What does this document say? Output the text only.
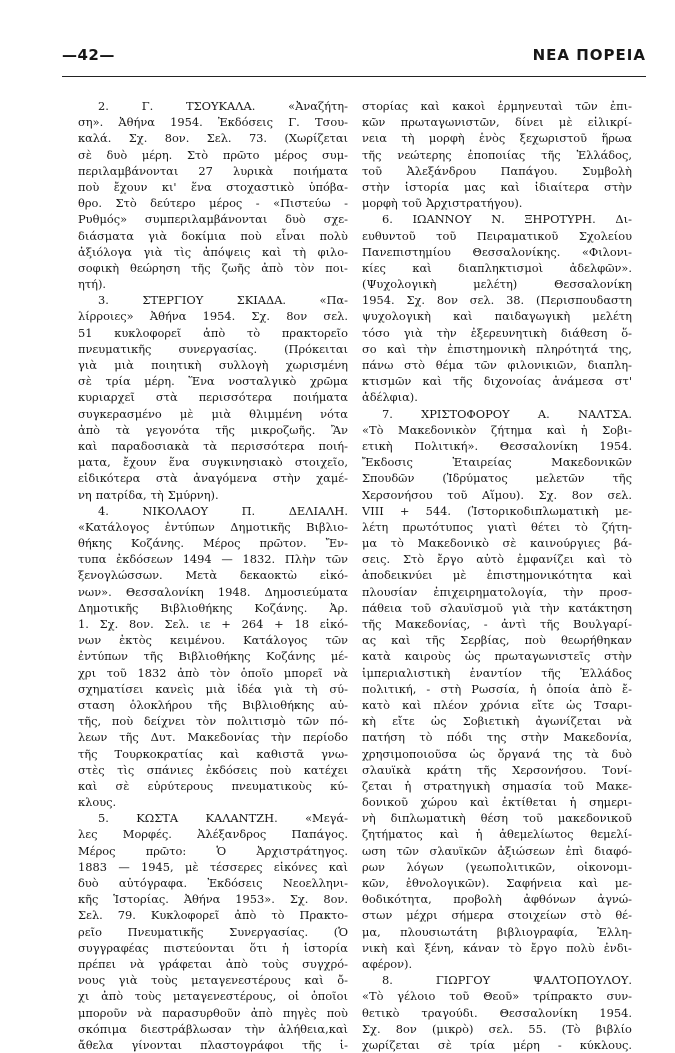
—42—	ΝΕΑ ΠΟΡΕΙΑ
2.	Γ.	ΤΣΟΥΚΑΛΑ.	«Ἀναζήτη-
ση». Ἀθήνα 1954. Ἐκδόσεις Γ. Τσου-
καλά. Σχ. 8ον. Σελ. 73. (Χωρίζεται
σὲ δυὸ μέρη. Στὸ πρῶτο μέρος συμ-
περιλαμβάνονται 27 λυρικὰ ποιήματα
ποὺ ἔχουν κι' ἕνα στοχαστικὸ ὑπόβα-
θρο. Στὸ δεύτερο μέρος - «Πιστεύω -
Ρυθμός» συμπεριλαμβάνονται δυὸ σχε-
διάσματα γιὰ δοκίμια ποὺ εἶναι πολὺ
ἀξιόλογα γιὰ τὶς ἀπόψεις καὶ τὴ φιλο-
σοφικὴ θεώρηση τῆς ζωῆς ἀπὸ τὸν ποι-
ητή).
3.	ΣΤΕΡΓΙΟΥ	ΣΚΙΑΔΑ.	«Πα-
λίρροιες» Ἀθήνα 1954. Σχ. 8ον σελ.
51 κυκλοφορεῖ ἀπὸ τὸ πρακτορεῖο
πνευματικῆς συνεργασίας. (Πρόκειται
γιὰ μιὰ ποιητικὴ συλλογὴ χωρισμένη
σὲ τρία μέρη. Ἕνα νοσταλγικὸ χρῶμα
κυριαρχεῖ στὰ περισσότερα ποιήματα
συγκερασμένο μὲ μιὰ θλιμμένη νότα
ἀπὸ τὰ γεγονότα τῆς μικροζωῆς. Ἂν
καὶ παραδοσιακὰ τὰ περισσότερα ποιή-
ματα, ἔχουν ἕνα συγκινησιακὸ στοιχεῖο,
εἰδικότερα στὰ ἀναγόμενα στὴν χαμέ-
νη πατρίδα, τὴ Σμύρνη).
4.	ΝΙΚΟΛΑΟΥ	Π.	ΔΕΛΙΑΛΗ.
«Κατάλογος ἐντύπων Δημοτικῆς Βιβλιο-
θήκης Κοζάνης. Μέρος πρῶτον. Ἔν-
τυπα ἐκδόσεων 1494 — 1832. Πλὴν τῶν
ξενογλώσσων. Μετὰ δεκαοκτὼ εἰκό-
νων». Θεσσαλονίκη 1948. Δημοσιεύματα
Δημοτικῆς Βιβλιοθήκης Κοζάνης. Ἀρ.
1. Σχ. 8ον. Σελ. ιε + 264 + 18 εἰκό-
νων ἐκτὸς κειμένου. Κατάλογος τῶν
ἐντύπων τῆς Βιβλιοθήκης Κοζάνης μέ-
χρι τοῦ 1832 ἀπὸ τὸν ὁποῖο μπορεῖ νὰ
σχηματίσει κανεὶς μιὰ ἰδέα γιὰ τὴ σύ-
σταση ὁλοκλήρου τῆς Βιβλιοθήκης αὐ-
τῆς, ποὺ δείχνει τὸν πολιτισμὸ τῶν πό-
λεων τῆς Δυτ. Μακεδονίας τὴν περίοδο
τῆς Τουρκοκρατίας καὶ καθιστᾶ γνω-
στὲς τὶς σπάνιες ἐκδόσεις ποὺ κατέχει
καὶ σὲ εὐρύτερους πνευματικοὺς κύ-
κλους.
5. ΚΩΣΤΑ ΚΑΛΑΝΤΖΗ. «Μεγά-
λες Μορφές. Ἀλέξανδρος Παπάγος.
Μέρος	πρῶτο:	Ὁ	Ἀρχιστράτηγος.
1883 — 1945, μὲ τέσσερες εἰκόνες καὶ
δυὸ αὐτόγραφα. Ἐκδόσεις Νεοελληνι-
κῆς Ἱστορίας. Ἀθήνα 1953». Σχ. 8ον.
Σελ. 79. Κυκλοφορεῖ ἀπὸ τὸ Πρακτο-
ρεῖο Πνευματικῆς Συνεργασίας. (Ὁ
συγγραφέας πιστεύονται ὅτι ἡ ἱστορία
πρέπει νὰ γράφεται ἀπὸ τοὺς συγχρό-
νους γιὰ τοὺς μεταγενεστέρους καὶ ὄ-
χι ἀπὸ τοὺς μεταγενεστέρους, οἱ ὁποῖοι
μποροῦν νὰ παρασυρθοῦν ἀπὸ πηγὲς ποὺ
σκόπιμα διεστράβλωσαν τὴν ἀλήθεια,καὶ
ἄθελα γίνονται πλαστογράφοι τῆς ἱ-
στορίας καὶ κακοὶ ἑρμηνευταὶ τῶν ἐπι-
κῶν πρωταγωνιστῶν, δίνει μὲ εἰλικρί-
νεια τὴ μορφὴ ἑνὸς ξεχωριστοῦ ἥρωα
τῆς νεώτερης ἐποποιίας τῆς Ἑλλάδος,
τοῦ Ἀλεξάνδρου Παπάγου. Συμβολὴ
στὴν ἱστορία μας καὶ ἰδιαίτερα στὴν
μορφὴ τοῦ Ἀρχιστρατήγου).
6. ΙΩΑΝΝΟΥ Ν. ΞΗΡΟΤΥΡΗ. Δι-
ευθυντοῦ τοῦ Πειραματικοῦ Σχολείου
Πανεπιστημίου Θεσσαλονίκης. «Φιλονι-
κίες καὶ διαπληκτισμοὶ ἀδελφῶν».
(Ψυχολογικὴ	μελέτη)	Θεσσαλονίκη
1954. Σχ. 8ον σελ. 38. (Περισπουδαστη
ψυχολογικὴ καὶ παιδαγωγικὴ μελέτη
τόσο γιὰ τὴν ἐξερευνητικὴ διάθεση ὅ-
σο καὶ τὴν ἐπιστημονικὴ πληρότητά της,
πάνω στὸ θέμα τῶν φιλονικιῶν, διαπλη-
κτισμῶν καὶ τῆς διχονοίας ἀνάμεσα στ'
ἀδέλφια).
7. ΧΡΙΣΤΟΦΟΡΟΥ Α. ΝΑΛΤΣΑ.
«Τὸ Μακεδονικὸν ζήτημα καὶ ἡ Σοβι-
ετικὴ Πολιτική». Θεσσαλονίκη 1954.
Ἔκδοσις	Ἑταιρείας	Μακεδονικῶν
Σπουδῶν (Ἱδρύματος μελετῶν τῆς
Χερσονήσου τοῦ Αἵμου). Σχ. 8ον σελ.
VIII + 544. (Ἱστορικοδιπλωματικὴ με-
λέτη πρωτότυπος γιατὶ θέτει τὸ ζήτη-
μα τὸ Μακεδονικὸ σὲ καινούργιες βά-
σεις. Στὸ ἔργο αὐτὸ ἐμφανίζει καὶ τὸ
ἀποδεικνύει μὲ ἐπιστημονικότητα καὶ
πλουσίαν ἐπιχειρηματολογία, τὴν προσ-
πάθεια τοῦ σλαυϊσμοῦ γιὰ τὴν κατάκτηση
τῆς Μακεδονίας, - ἀντὶ τῆς Βουλγαρί-
ας καὶ τῆς Σερβίας, ποὺ θεωρήθηκαν
κατὰ καιροὺς ὡς πρωταγωνιστεῖς στὴν
ἰμπεριαλιστικὴ ἐναντίον τῆς Ἑλλάδος
πολιτική, - στὴ Ρωσσία, ἡ ὁποία ἀπὸ ἔ-
κατὸ καὶ πλέον χρόνια εἴτε ὡς Τσαρι-
κὴ εἴτε ὡς Σοβιετικὴ ἀγωνίζεται νὰ
πατήση τὸ πόδι της στὴν Μακεδονία,
χρησιμοποιοῦσα ὡς ὄργανά της τὰ δυὸ
σλαυϊκὰ κράτη τῆς Χερσονήσου. Τονί-
ζεται ἡ στρατηγικὴ σημασία τοῦ Μακε-
δονικοῦ χώρου καὶ ἐκτίθεται ἡ σημερι-
νὴ διπλωματικὴ θέση τοῦ μακεδονικοῦ
ζητήματος καὶ ἡ ἀθεμελίωτος θεμελί-
ωση τῶν σλαυϊκῶν ἀξιώσεων ἐπὶ διαφό-
ρων λόγων (γεωπολιτικῶν, οἰκονομι-
κῶν, ἐθνολογικῶν). Σαφήνεια καὶ με-
θοδικότητα, προβολὴ ἀφθόνων ἀγνώ-
στων μέχρι σήμερα στοιχείων στὸ θέ-
μα, πλουσιωτάτη βιβλιογραφία, Ἑλλη-
νικὴ καὶ ξένη, κάναν τὸ ἔργο πολὺ ἐνδι-
αφέρον).
8.	ΓΙΩΡΓΟΥ	ΨΑΛΤΟΠΟΥΛΟΥ.
«Τὸ γέλοιο τοῦ Θεοῦ» τρίπρακτο συν-
θετικὸ τραγούδι. Θεσσαλονίκη 1954.
Σχ. 8ον (μικρὸ) σελ. 55. (Τὸ βιβλίο
χωρίζεται σὲ τρία μέρη - κύκλους.
